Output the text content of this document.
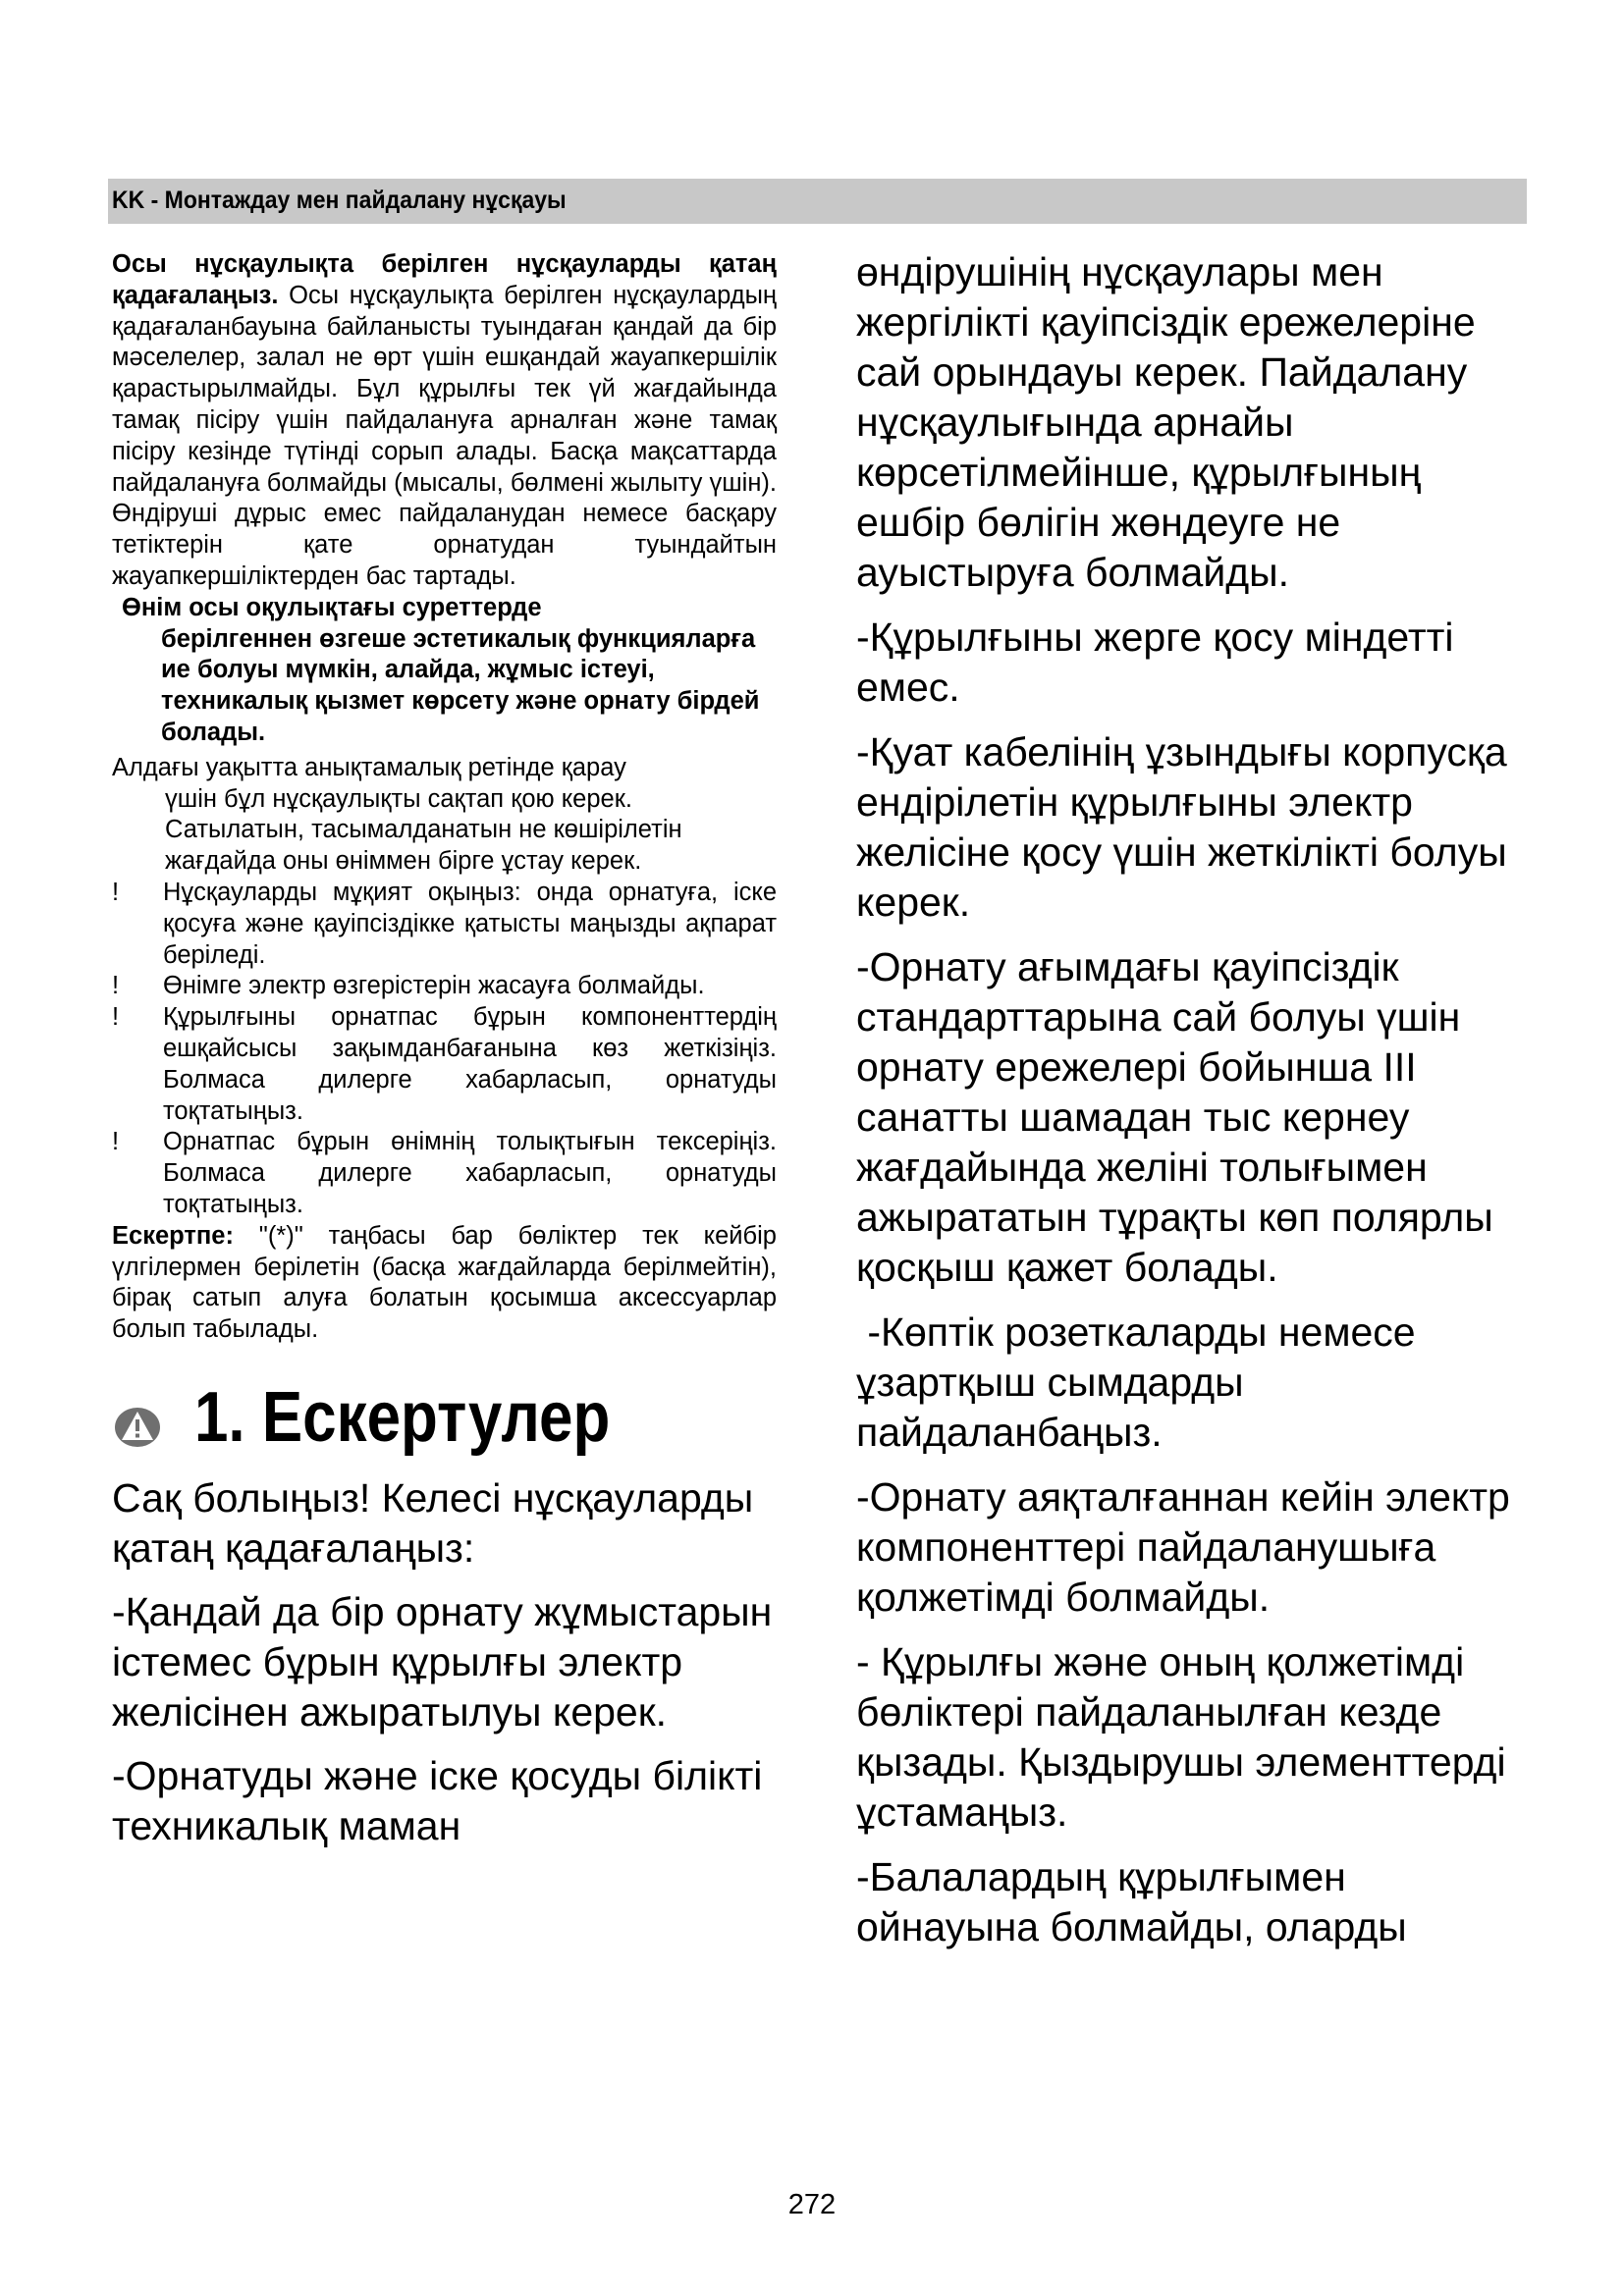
KK - Монтаждау мен пайдалану нұсқауы

Осы нұсқаулықта берілген нұсқауларды қатаң қадағалаңыз. Осы нұсқаулықта берілген нұсқаулардың қадағаланбауына байланысты туындаған қандай да бір мәселелер, залал не өрт үшін ешқандай жауапкершілік қарастырылмайды. Бұл құрылғы тек үй жағдайында тамақ пісіру үшін пайдалануға арналған және тамақ пісіру кезінде түтінді сорып алады. Басқа мақсаттарда пайдалануға болмайды (мысалы, бөлмені жылыту үшін). Өндіруші дұрыс емес пайдаланудан немесе басқару тетіктерін қате орнатудан туындайтын жауапкершіліктерден бас тартады.

Өнім осы оқулықтағы суреттерде
берілгеннен өзгеше эстетикалық функцияларға ие болуы мүмкін, алайда, жұмыс істеуі, техникалық қызмет көрсету және орнату бірдей болады.
Алдағы уақытта анықтамалық ретінде қарау
үшін бұл нұсқаулықты сақтап қою керек. Сатылатын, тасымалданатын не көшірілетін жағдайда оны өніммен бірге ұстау керек.
! Нұсқауларды мұқият оқыңыз: онда орнатуға, іске қосуға және қауіпсіздікке қатысты маңызды ақпарат беріледі.
! Өнімге электр өзгерістерін жасауға болмайды.
! Құрылғыны орнатпас бұрын компоненттердің ешқайсысы зақымданбағанына көз жеткізіңіз. Болмаса дилерге хабарласып, орнатуды тоқтатыңыз.
! Орнатпас бұрын өнімнің толықтығын тексеріңіз. Болмаса дилерге хабарласып, орнатуды тоқтатыңыз.

Ескертпе: "(*)" таңбасы бар бөліктер тек кейбір үлгілермен берілетін (басқа жағдайларда берілмейтін), бірақ сатып алуға болатын қосымша аксессуарлар болып табылады.

1. Ескертулер

Сақ болыңыз! Келесі нұсқауларды қатаң қадағалаңыз:

-Қандай да бір орнату жұмыстарын істемес бұрын құрылғы электр желісінен ажыратылуы керек.

-Орнатуды және іске қосуды білікті техникалық маман

өндірушінің нұсқаулары мен жергілікті қауіпсіздік ережелеріне сай орындауы керек. Пайдалану нұсқаулығында арнайы көрсетілмейінше, құрылғының ешбір бөлігін жөндеуге не ауыстыруға болмайды.

-Құрылғыны жерге қосу міндетті емес.

-Қуат кабелінің ұзындығы корпусқа ендірілетін құрылғыны электр желісіне қосу үшін жеткілікті болуы керек.

-Орнату ағымдағы қауіпсіздік стандарттарына сай болуы үшін орнату ережелері бойынша III санатты шамадан тыс кернеу жағдайында желіні толығымен ажырататын тұрақты көп полярлы қосқыш қажет болады.

-Көптік розеткаларды немесе ұзартқыш сымдарды пайдаланбаңыз.

-Орнату аяқталғаннан кейін электр компоненттері пайдаланушыға қолжетімді болмайды.

- Құрылғы және оның қолжетімді бөліктері пайдаланылған кезде қызады. Қыздырушы элементтерді ұстамаңыз.

-Балалардың құрылғымен ойнауына болмайды, оларды

272
